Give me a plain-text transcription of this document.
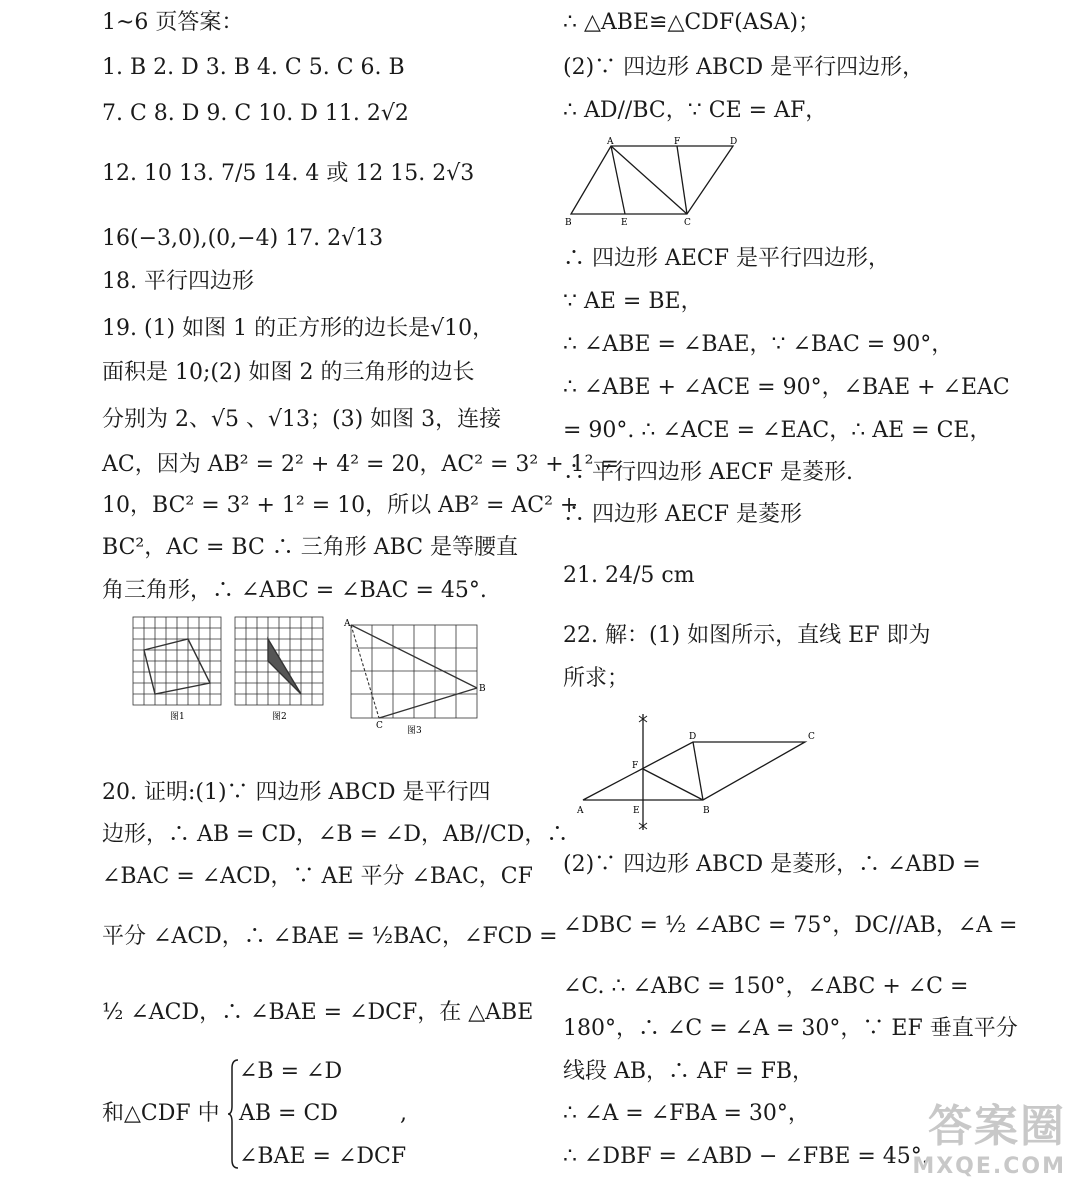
1~6 页答案：
1. B 2. D 3. B 4. C 5. C 6. B
7. C 8. D 9. C 10. D 11. 2√2
12. 10 13. 7/5 14. 4 或 12 15. 2√3
16(−3,0),(0,−4) 17. 2√13
18. 平行四边形
19. (1) 如图 1 的正方形的边长是√10，
面积是 10;(2) 如图 2 的三角形的边长
分别为 2、√5 、√13；(3) 如图 3，连接
AC，因为 AB² = 2² + 4² = 20，AC² = 3² + 1² =
10，BC² = 3² + 1² = 10，所以 AB² = AC² +
BC²，AC = BC ∴ 三角形 ABC 是等腰直
角三角形，∴ ∠ABC = ∠BAC = 45°.
图1	图2
A
B
C	图3
20. 证明:(1)∵ 四边形 ABCD 是平行四
边形，∴ AB = CD，∠B = ∠D，AB//CD，∴
∠BAC = ∠ACD，∵ AE 平分 ∠BAC，CF
平分 ∠ACD，∴ ∠BAE = ½BAC，∠FCD =
½ ∠ACD，∴ ∠BAE = ∠DCF，在 △ABE
和△CDF 中
∠B = ∠D
AB = CD
∠BAE = ∠DCF
,
∴ △ABE≌△CDF(ASA)；
(2)∵ 四边形 ABCD 是平行四边形，
∴ AD//BC，∵ CE = AF，
A	F	D
B	E	C
∴ 四边形 AECF 是平行四边形，
∵ AE = BE，
∴ ∠ABE = ∠BAE，∵ ∠BAC = 90°，
∴ ∠ABE + ∠ACE = 90°，∠BAE + ∠EAC
= 90°. ∴ ∠ACE = ∠EAC，∴ AE = CE，
∴ 平行四边形 AECF 是菱形.
∴ 四边形 AECF 是菱形
21. 24/5 cm
22. 解：(1) 如图所示，直线 EF 即为
所求；
A	E
F
B
D	C
(2)∵ 四边形 ABCD 是菱形，∴ ∠ABD =
∠DBC = ½ ∠ABC = 75°，DC//AB，∠A =
∠C. ∴ ∠ABC = 150°，∠ABC + ∠C =
180°，∴ ∠C = ∠A = 30°，∵ EF 垂直平分
线段 AB，∴ AF = FB，
∴ ∠A = ∠FBA = 30°，
∴ ∠DBF = ∠ABD − ∠FBE = 45°.
答案圈
MXQE.COM
